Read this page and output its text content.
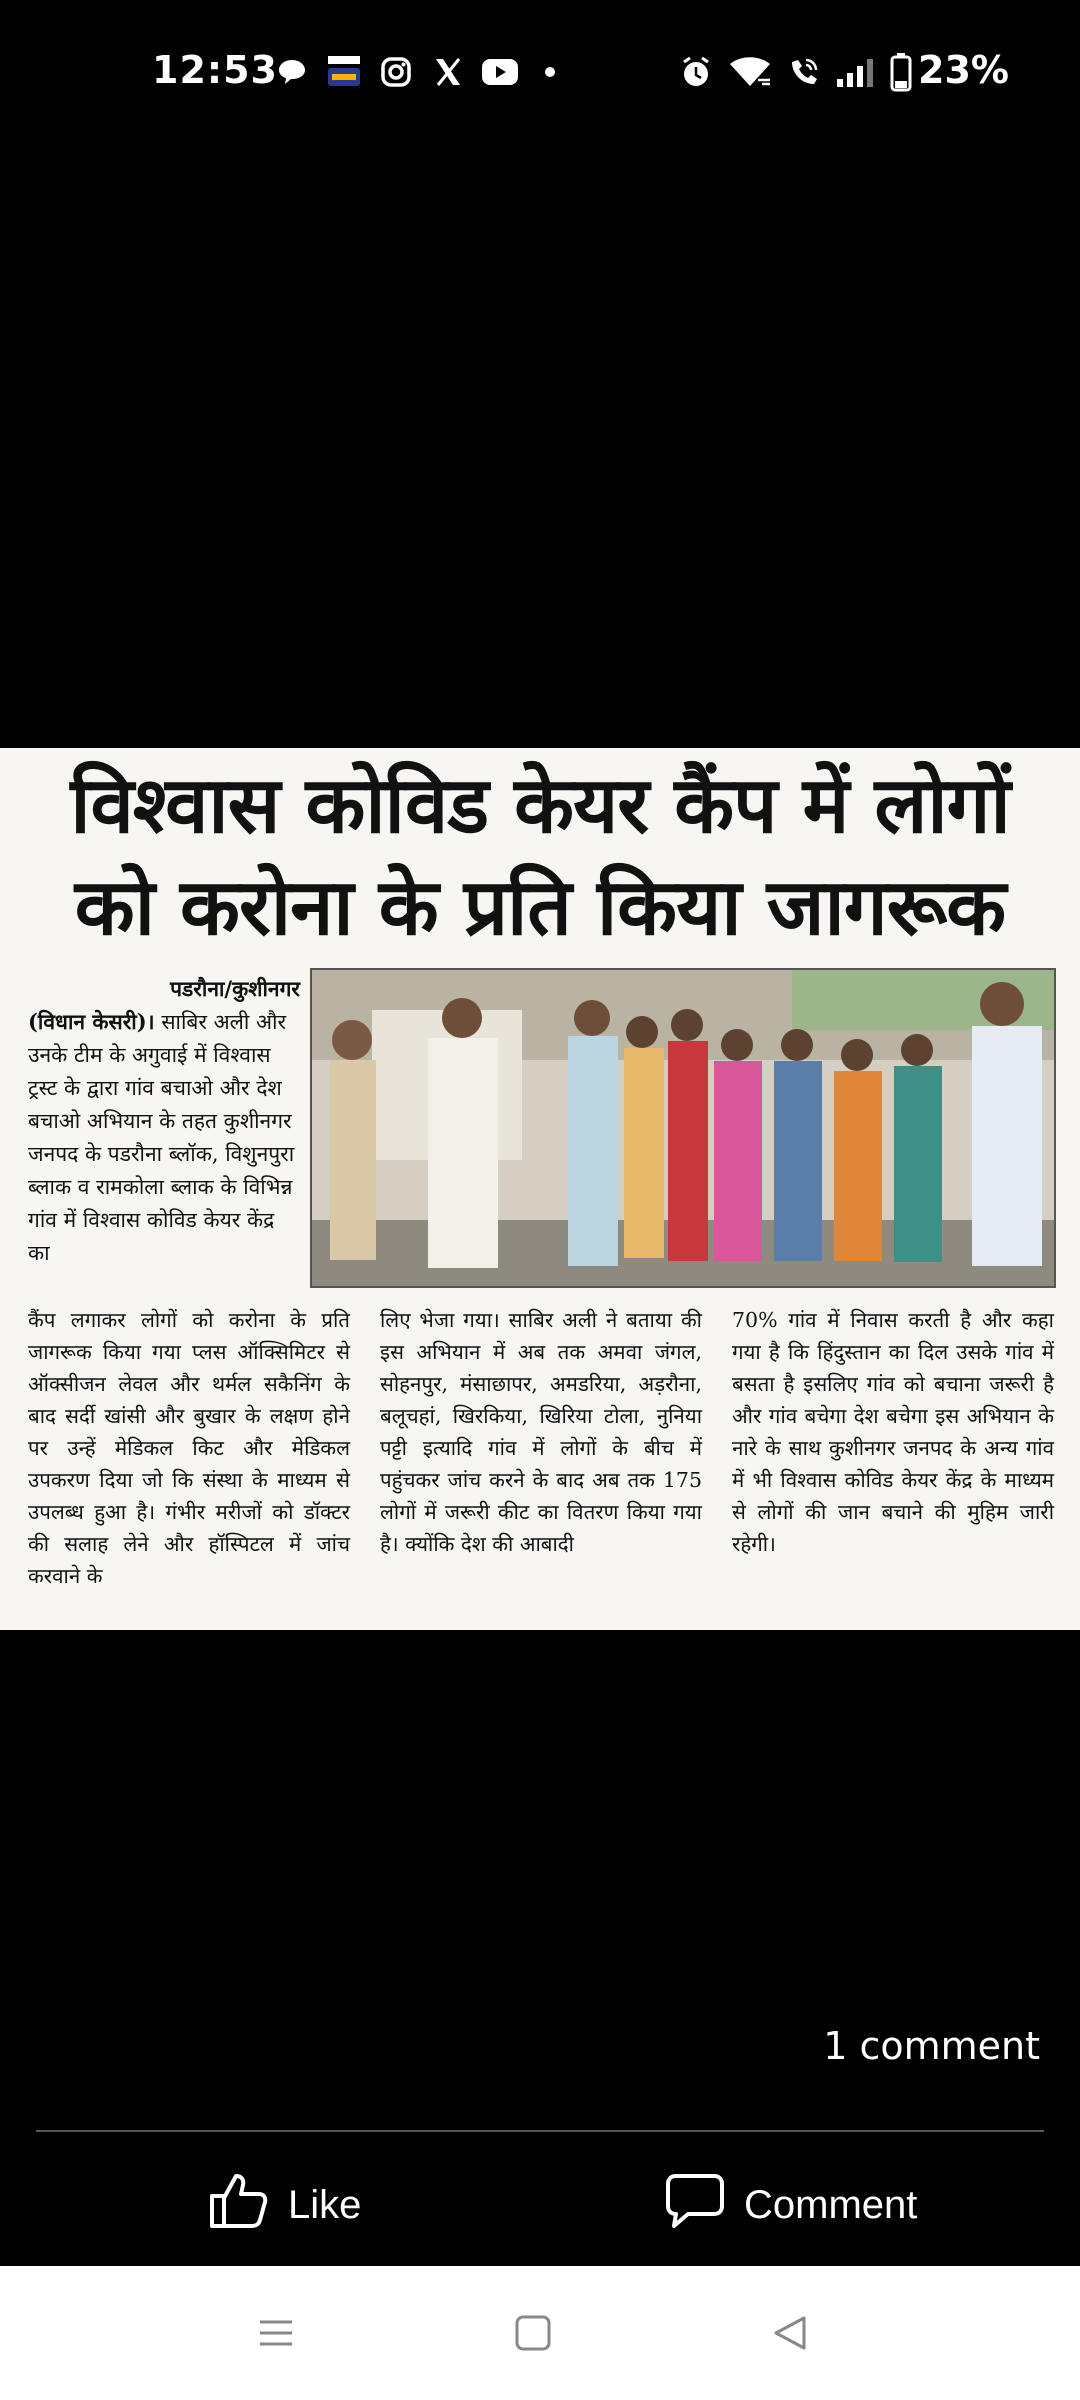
12:53	23%
विश्वास कोविड केयर कैंप में लोगों
को करोना के प्रति किया जागरूक
पडरौना/कुशीनगर
(विधान केसरी)। साबिर अली और उनके टीम के अगुवाई में विश्वास ट्रस्ट के द्वारा गांव बचाओ और देश बचाओ अभियान के तहत कुशीनगर जनपद के पडरौना ब्लॉक, विशुनपुरा ब्लाक व रामकोला ब्लाक के विभिन्न गांव में विश्वास कोविड केयर केंद्र का
कैंप लगाकर लोगों को करोना के प्रति जागरूक किया गया प्लस ऑक्सिमिटर से ऑक्सीजन लेवल और थर्मल सकैनिंग के बाद सर्दी खांसी और बुखार के लक्षण होने पर उन्हें मेडिकल किट और मेडिकल उपकरण दिया जो कि संस्था के माध्यम से उपलब्ध हुआ है। गंभीर मरीजों को डॉक्टर की सलाह लेने और हॉस्पिटल में जांच करवाने के
लिए भेजा गया। साबिर अली ने बताया की इस अभियान में अब तक अमवा जंगल, सोहनपुर, मंसाछापर, अमडरिया, अड़रौना, बलूचहां, खिरकिया, खिरिया टोला, नुनिया पट्टी इत्यादि गांव में लोगों के बीच में पहुंचकर जांच करने के बाद अब तक 175 लोगों में जरूरी कीट का वितरण किया गया है। क्योंकि देश की आबादी
70% गांव में निवास करती है और कहा गया है कि हिंदुस्तान का दिल उसके गांव में बसता है इसलिए गांव को बचाना जरूरी है और गांव बचेगा देश बचेगा इस अभियान के नारे के साथ कुशीनगर जनपद के अन्य गांव में भी विश्वास कोविड केयर केंद्र के माध्यम से लोगों की जान बचाने की मुहिम जारी रहेगी।
1 comment
Like	Comment
